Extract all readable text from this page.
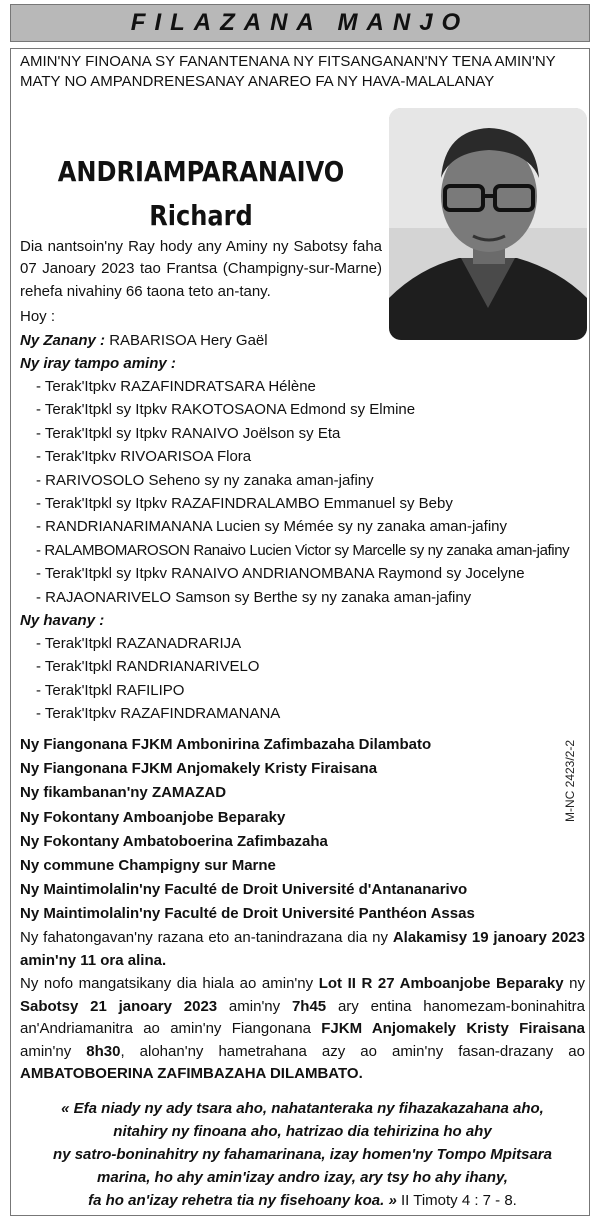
FILAZANA MANJO
AMIN'NY FINOANA SY FANANTENANA NY FITSANGANAN'NY TENA AMIN'NY MATY NO AMPANDRENESANAY ANAREO FA NY HAVA-MALALANAY
ANDRIAMPARANAIVO
Richard
Dia nantsoin'ny Ray hody any Aminy ny Sabotsy faha 07 Janoary 2023 tao Frantsa (Champigny-sur-Marne) rehefa nivahiny 66 taona teto an-tany.
Hoy :
Ny Zanany : RABARISOA Hery Gaël
Ny iray tampo aminy :
- Terak'Itpkv RAZAFINDRATSARA Hélène
- Terak'Itpkl sy Itpkv RAKOTOSAONA Edmond sy Elmine
- Terak'Itpkl sy Itpkv RANAIVO Joëlson sy Eta
- Terak'Itpkv RIVOARISOA Flora
- RARIVOSOLO Seheno sy ny zanaka aman-jafiny
- Terak'Itpkl sy Itpkv RAZAFINDRALAMBO Emmanuel sy Beby
- RANDRIANARIMANANA Lucien sy Mémée sy ny zanaka aman-jafiny
- RALAMBOMAROSON Ranaivo Lucien Victor sy Marcelle sy ny zanaka aman-jafiny
- Terak'Itpkl sy Itpkv RANAIVO ANDRIANOMBANA Raymond sy Jocelyne
- RAJAONARIVELO Samson sy Berthe sy ny zanaka aman-jafiny
Ny havany :
- Terak'Itpkl RAZANADRARIJA
- Terak'Itpkl RANDRIANARIVELO
- Terak'Itpkl RAFILIPO
- Terak'Itpkv RAZAFINDRAMANANA
Ny Fiangonana FJKM Ambonirina Zafimbazaha Dilambato
Ny Fiangonana FJKM Anjomakely Kristy Firaisana
Ny fikambanan'ny ZAMAZAD
Ny Fokontany Amboanjobe Beparaky
Ny Fokontany Ambatoboerina Zafimbazaha
Ny commune Champigny sur Marne
Ny Maintimolalin'ny Faculté de Droit Université d'Antananarivo
Ny Maintimolalin'ny Faculté de Droit Université Panthéon Assas
M-NC 2423/2-2
Ny fahatongavan'ny razana eto an-tanindrazana dia ny Alakamisy 19 janoary 2023 amin'ny 11 ora alina.
Ny nofo mangatsikany dia hiala ao amin'ny Lot II R 27 Amboanjobe Beparaky ny Sabotsy 21 janoary 2023 amin'ny 7h45 ary entina hanomezam-boninahitra an'Andriamanitra ao amin'ny Fiangonana FJKM Anjomakely Kristy Firaisana amin'ny 8h30, alohan'ny hametrahana azy ao amin'ny fasan-drazany ao AMBATOBOERINA ZAFIMBAZAHA DILAMBATO.
« Efa niady ny ady tsara aho, nahatanteraka ny fihazakazahana aho,
nitahiry ny finoana aho, hatrizao dia tehirizina ho ahy
ny satro-boninahitry ny fahamarinana, izay homen'ny Tompo Mpitsara
marina, ho ahy amin'izay andro izay, ary tsy ho ahy ihany,
fa ho an'izay rehetra tia ny fisehoany koa. » II Timoty 4 : 7 - 8.
